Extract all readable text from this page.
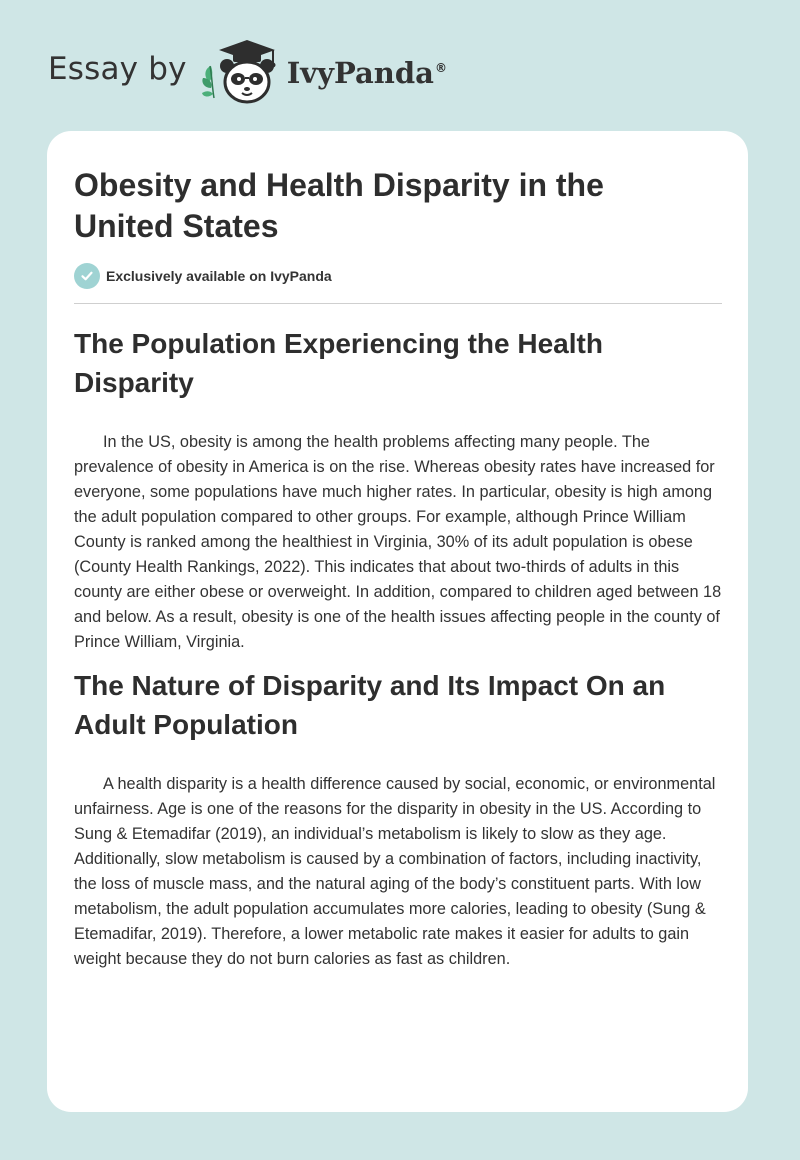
Essay by	IvyPanda®
Obesity and Health Disparity in the United States
Exclusively available on IvyPanda
The Population Experiencing the Health Disparity

In the US, obesity is among the health problems affecting many people. The prevalence of obesity in America is on the rise. Whereas obesity rates have increased for everyone, some populations have much higher rates. In particular, obesity is high among the adult population compared to other groups. For example, although Prince William County is ranked among the healthiest in Virginia, 30% of its adult population is obese (County Health Rankings, 2022). This indicates that about two-thirds of adults in this county are either obese or overweight. In addition, compared to children aged between 18 and below. As a result, obesity is one of the health issues affecting people in the county of Prince William, Virginia.

The Nature of Disparity and Its Impact On an Adult Population

A health disparity is a health difference caused by social, economic, or environmental unfairness. Age is one of the reasons for the disparity in obesity in the US. According to Sung & Etemadifar (2019), an individual’s metabolism is likely to slow as they age. Additionally, slow metabolism is caused by a combination of factors, including inactivity, the loss of muscle mass, and the natural aging of the body’s constituent parts. With low metabolism, the adult population accumulates more calories, leading to obesity (Sung & Etemadifar, 2019). Therefore, a lower metabolic rate makes it easier for adults to gain weight because they do not burn calories as fast as children.
